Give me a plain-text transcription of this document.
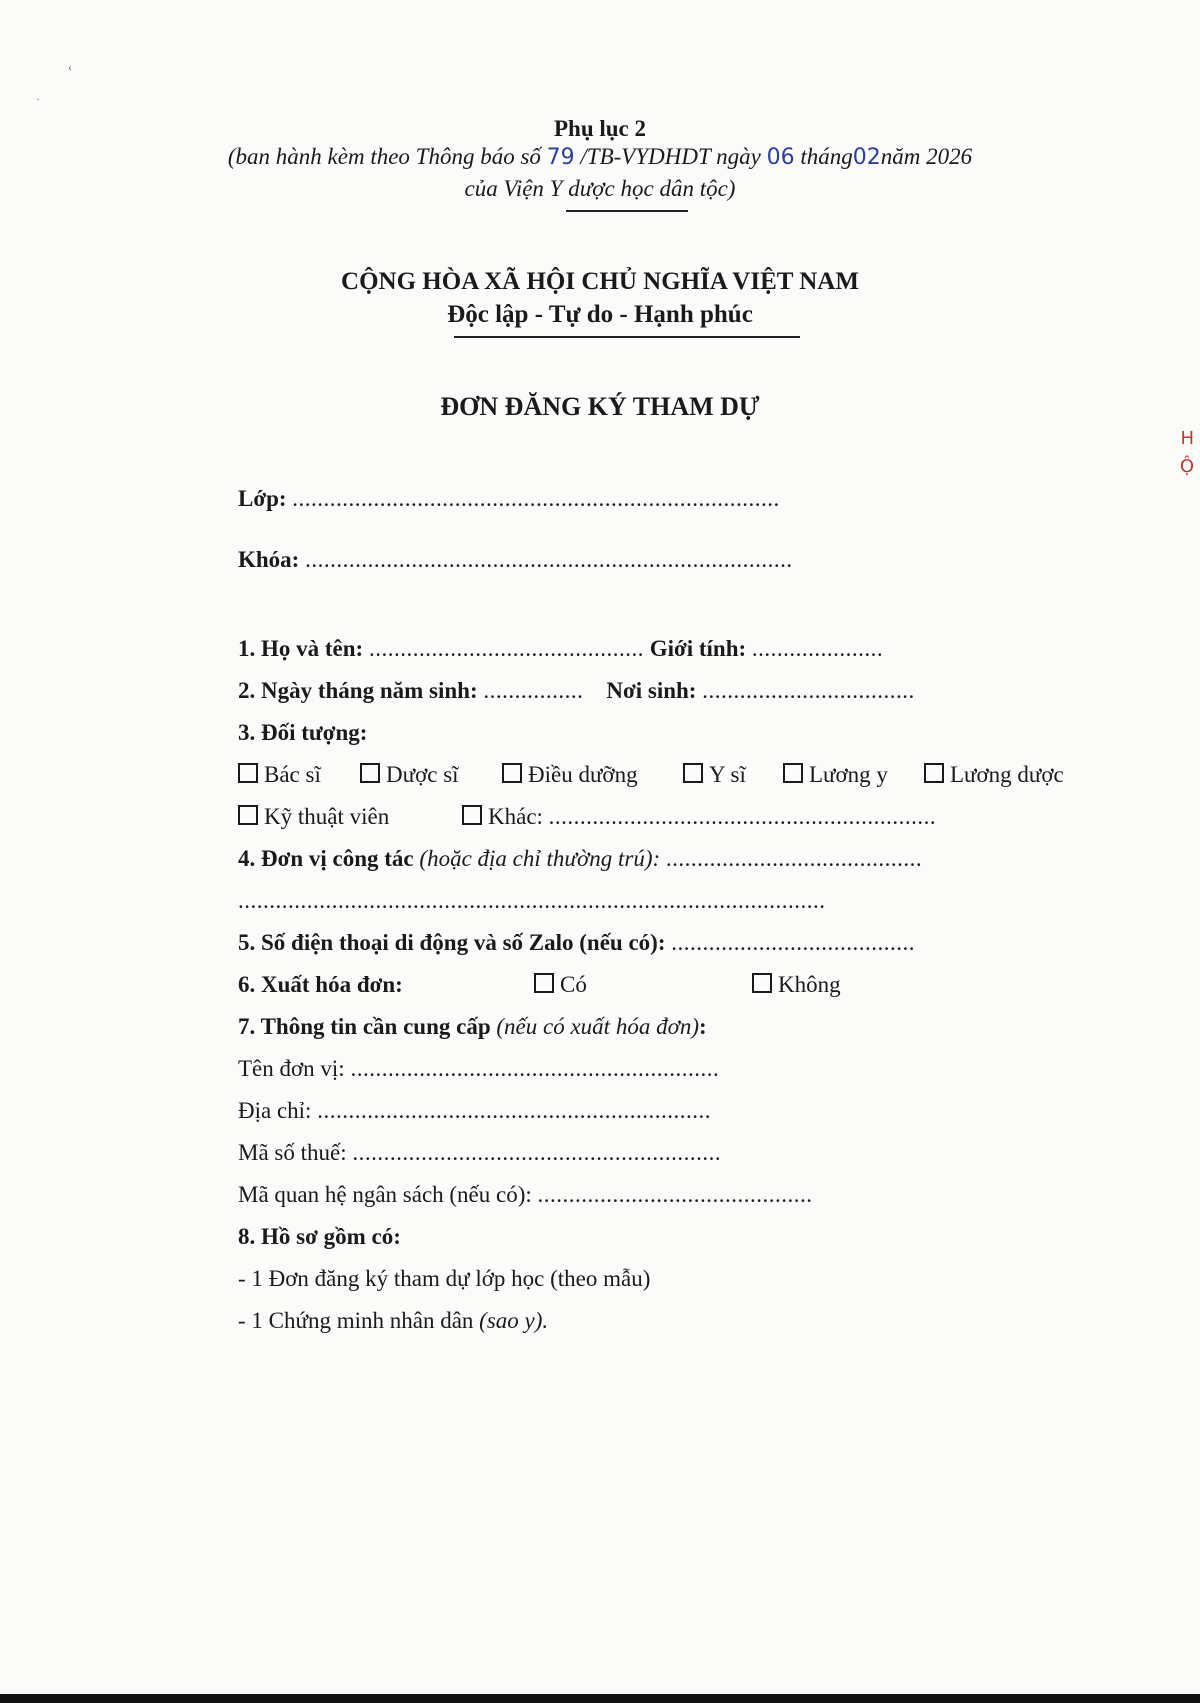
‹
·
Phụ lục 2
(ban hành kèm theo Thông báo số 79 /TB-VYDHDT ngày 06 tháng02năm 2026
của Viện Y dược học dân tộc)
CỘNG HÒA XÃ HỘI CHỦ NGHĨA VIỆT NAM
Độc lập - Tự do - Hạnh phúc
ĐƠN ĐĂNG KÝ THAM DỰ
Lớp: ..............................................................................
Khóa: ..............................................................................
1. Họ và tên: ............................................ Giới tính: .....................
2. Ngày tháng năm sinh: ................ Nơi sinh: ..................................
3. Đối tượng:
Bác sĩ	Dược sĩ	Điều dưỡng	Y sĩ	Lương y	Lương dược
Kỹ thuật viên	Khác: ..............................................................
4. Đơn vị công tác (hoặc địa chỉ thường trú): .........................................
..............................................................................................
5. Số điện thoại di động và số Zalo (nếu có): .......................................
6. Xuất hóa đơn:	Có	Không
7. Thông tin cần cung cấp (nếu có xuất hóa đơn):
Tên đơn vị: ...........................................................
Địa chỉ: ...............................................................
Mã số thuế: ...........................................................
Mã quan hệ ngân sách (nếu có): ............................................
8. Hồ sơ gồm có:
- 1 Đơn đăng ký tham dự lớp học (theo mẫu)
- 1 Chứng minh nhân dân (sao y).
H
Ộ
